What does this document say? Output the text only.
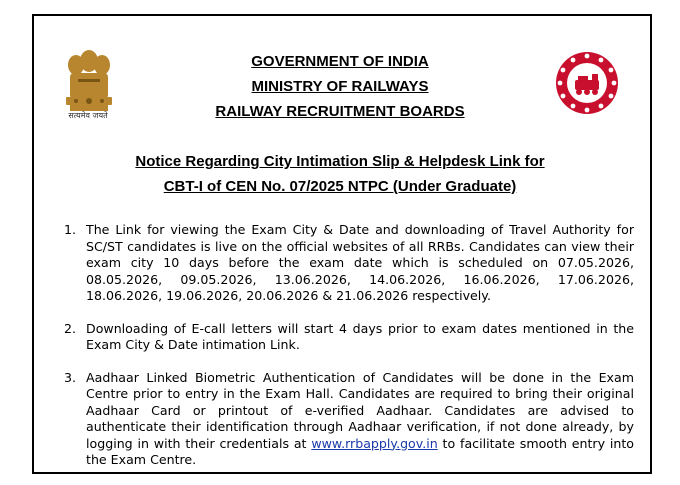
सत्यमेव जयते
GOVERNMENT OF INDIA
MINISTRY OF RAILWAYS
RAILWAY RECRUITMENT BOARDS
Notice Regarding City Intimation Slip & Helpdesk Link for
CBT-I of CEN No. 07/2025 NTPC (Under Graduate)
1. The Link for viewing the Exam City & Date and downloading of Travel Authority for SC/ST candidates is live on the official websites of all RRBs. Candidates can view their exam city 10 days before the exam date which is scheduled on 07.05.2026, 08.05.2026, 09.05.2026, 13.06.2026, 14.06.2026, 16.06.2026, 17.06.2026, 18.06.2026, 19.06.2026, 20.06.2026 & 21.06.2026 respectively.
2. Downloading of E-call letters will start 4 days prior to exam dates mentioned in the Exam City & Date intimation Link.
3. Aadhaar Linked Biometric Authentication of Candidates will be done in the Exam Centre prior to entry in the Exam Hall. Candidates are required to bring their original Aadhaar Card or printout of e-verified Aadhaar. Candidates are advised to authenticate their identification through Aadhaar verification, if not done already, by logging in with their credentials at www.rrbapply.gov.in to facilitate smooth entry into the Exam Centre.
